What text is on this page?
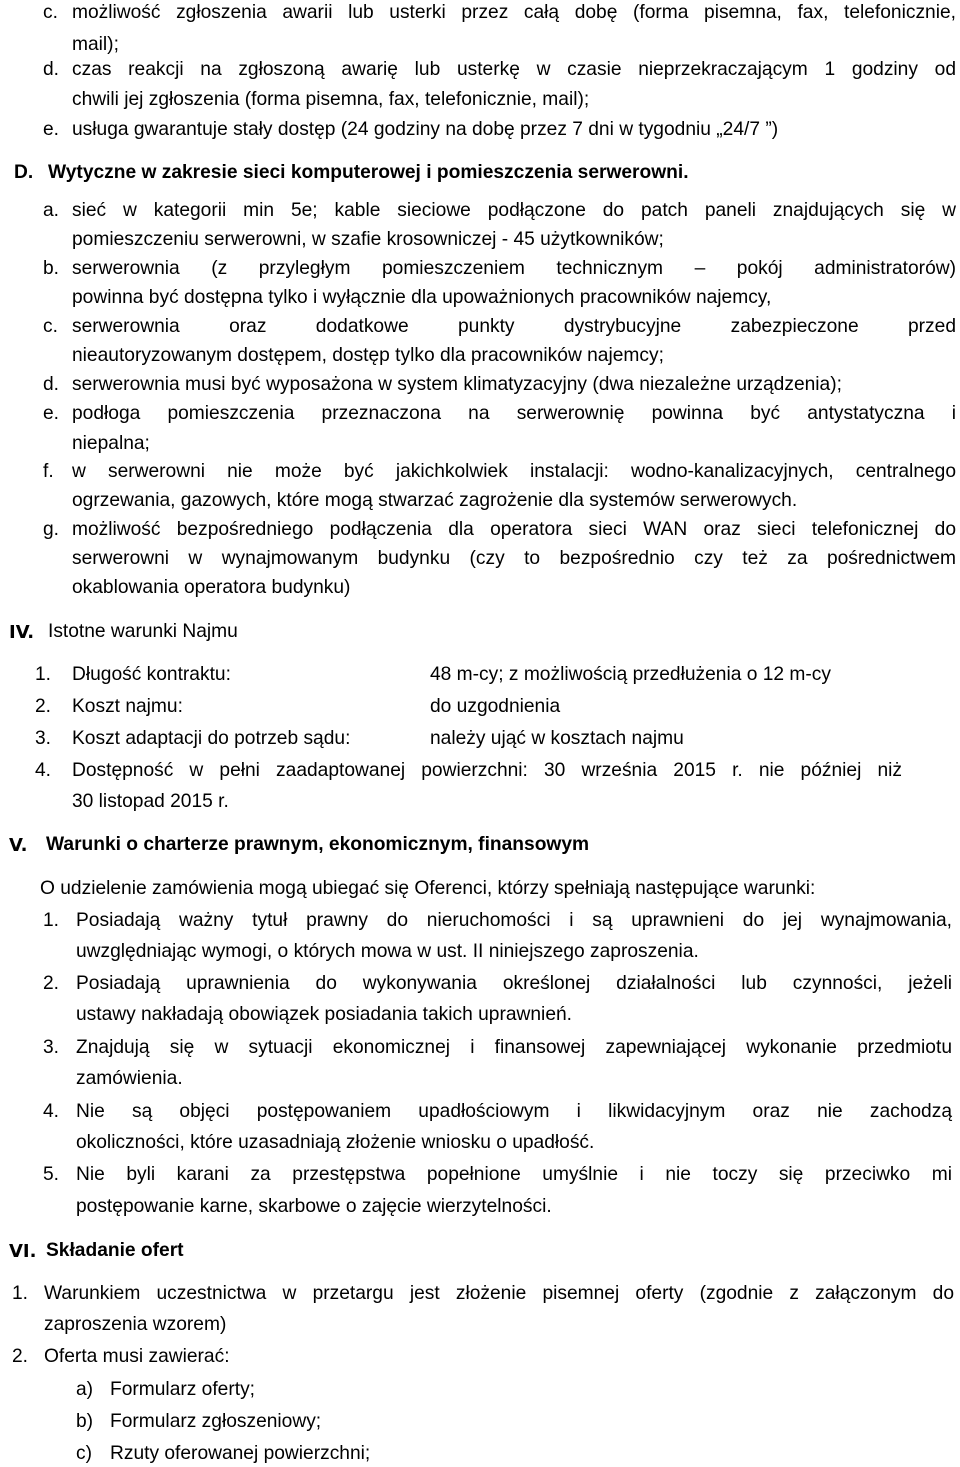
c. możliwość zgłoszenia awarii lub usterki przez całą dobę (forma pisemna, fax, telefonicznie,
mail);
d. czas reakcji na zgłoszoną awarię lub usterkę w czasie nieprzekraczającym 1 godziny od
chwili jej zgłoszenia (forma pisemna, fax, telefonicznie, mail);
e. usługa gwarantuje stały dostęp (24 godziny na dobę przez 7 dni w tygodniu „24/7 ”)
D. Wytyczne w zakresie sieci komputerowej i pomieszczenia serwerowni.
a. sieć w kategorii min 5e; kable sieciowe podłączone do patch paneli znajdujących się w
pomieszczeniu serwerowni, w szafie krosowniczej - 45 użytkowników;
b. serwerownia (z przyległym pomieszczeniem technicznym – pokój administratorów)
powinna być dostępna tylko i wyłącznie dla upoważnionych pracowników najemcy,
c. serwerownia oraz dodatkowe punkty dystrybucyjne zabezpieczone przed
nieautoryzowanym dostępem, dostęp tylko dla pracowników najemcy;
d. serwerownia musi być wyposażona w system klimatyzacyjny (dwa niezależne urządzenia);
e. podłoga pomieszczenia przeznaczona na serwerownię powinna być antystatyczna i
niepalna;
f. w serwerowni nie może być jakichkolwiek instalacji: wodno-kanalizacyjnych, centralnego
ogrzewania, gazowych, które mogą stwarzać zagrożenie dla systemów serwerowych.
g. możliwość bezpośredniego podłączenia dla operatora sieci WAN oraz sieci telefonicznej do
serwerowni w wynajmowanym budynku (czy to bezpośrednio czy też za pośrednictwem
okablowania operatora budynku)
IV. Istotne warunki Najmu
1. Długość kontraktu:	48 m-cy; z możliwością przedłużenia o 12 m-cy
2. Koszt najmu:	do uzgodnienia
3. Koszt adaptacji do potrzeb sądu:	należy ująć w kosztach najmu
4. Dostępność w pełni zaadaptowanej powierzchni: 30 września 2015 r. nie później niż
30 listopad 2015 r.
V. Warunki o charterze prawnym, ekonomicznym, finansowym
O udzielenie zamówienia mogą ubiegać się Oferenci, którzy spełniają następujące warunki:
1. Posiadają ważny tytuł prawny do nieruchomości i są uprawnieni do jej wynajmowania,
uwzględniając wymogi, o których mowa w ust. II niniejszego zaproszenia.
2. Posiadają uprawnienia do wykonywania określonej działalności lub czynności, jeżeli
ustawy nakładają obowiązek posiadania takich uprawnień.
3. Znajdują się w sytuacji ekonomicznej i finansowej zapewniającej wykonanie przedmiotu
zamówienia.
4. Nie są objęci postępowaniem upadłościowym i likwidacyjnym oraz nie zachodzą
okoliczności, które uzasadniają złożenie wniosku o upadłość.
5. Nie byli karani za przestępstwa popełnione umyślnie i nie toczy się przeciwko mi
postępowanie karne, skarbowe o zajęcie wierzytelności.
VI. Składanie ofert
1. Warunkiem uczestnictwa w przetargu jest złożenie pisemnej oferty (zgodnie z załączonym do
zaproszenia wzorem)
2. Oferta musi zawierać:
a) Formularz oferty;
b) Formularz zgłoszeniowy;
c) Rzuty oferowanej powierzchni;
